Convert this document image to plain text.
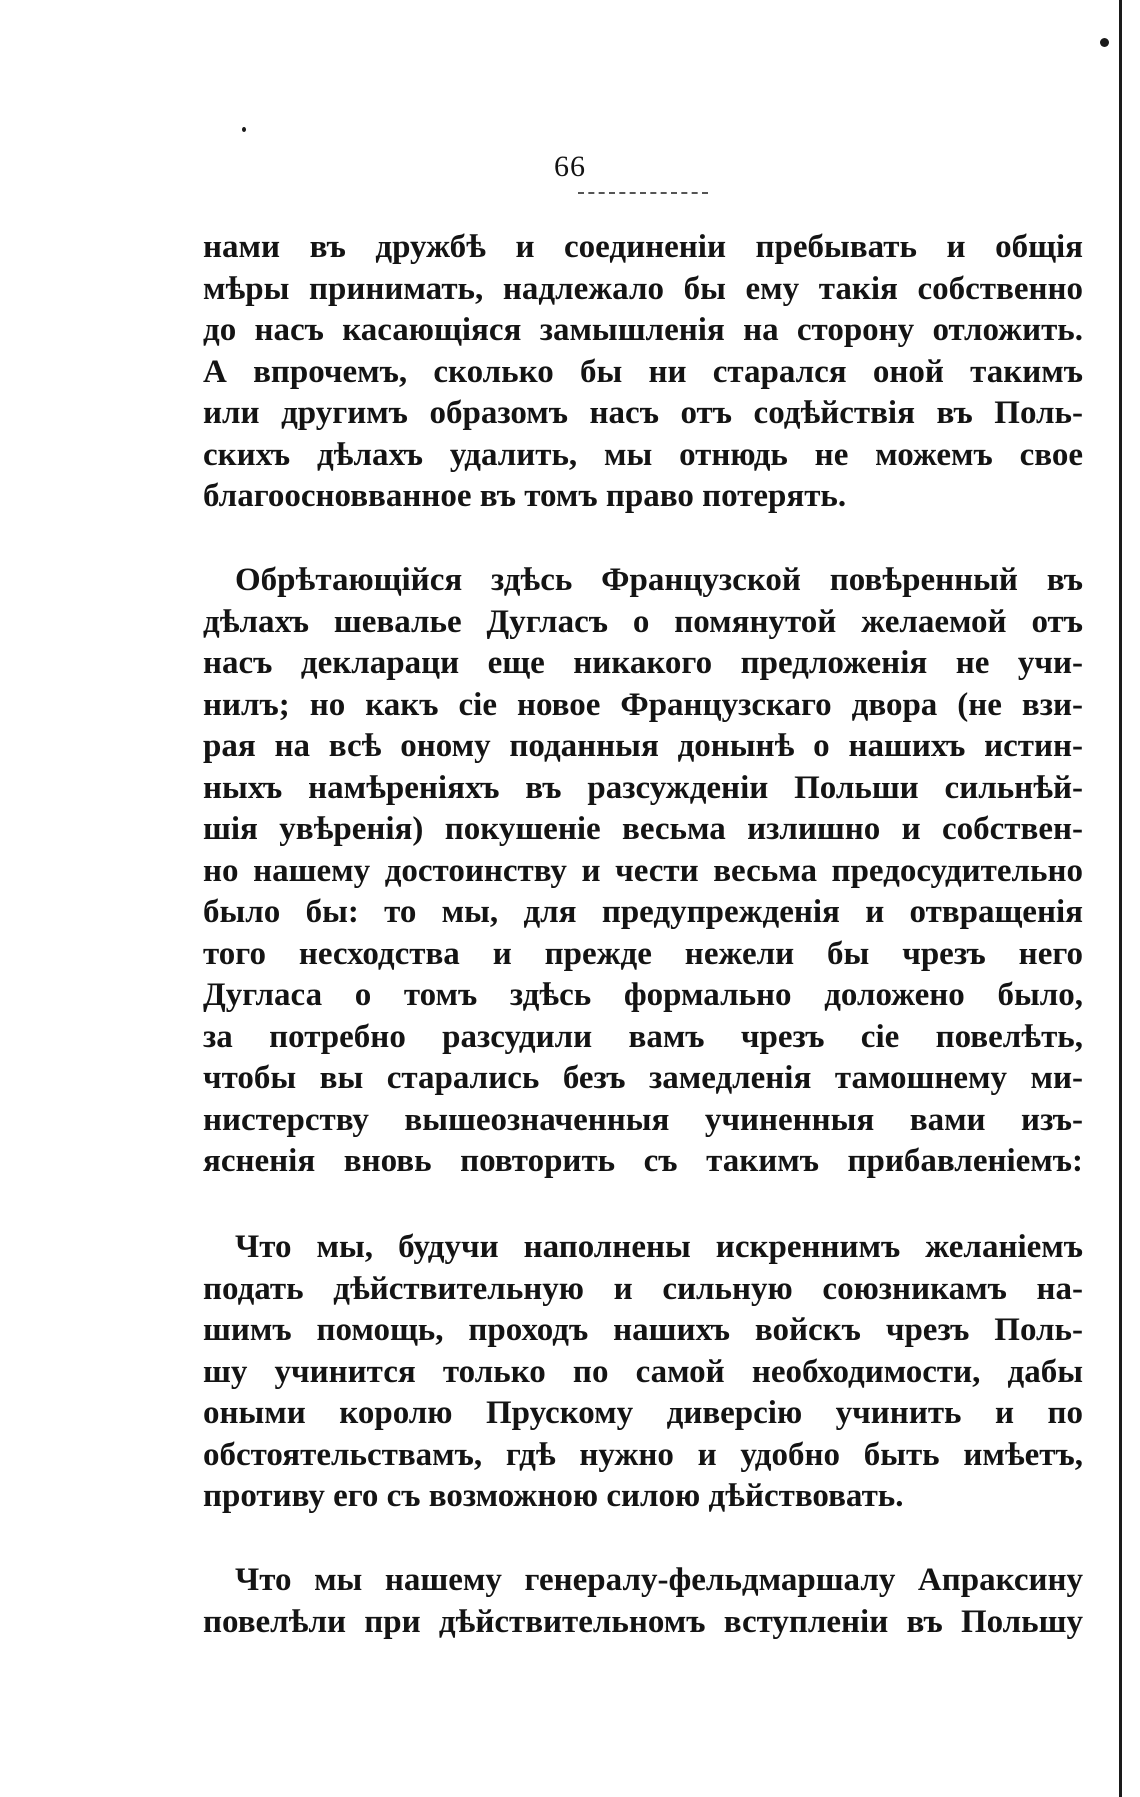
66
нами въ дружбѣ и соединеніи пребывать и общія
мѣры принимать, надлежало бы ему такія собственно
до насъ касающіяся замышленія на сторону отложить.
А впрочемъ, сколько бы ни старался оной такимъ
или другимъ образомъ насъ отъ содѣйствія въ Поль-
скихъ дѣлахъ удалить, мы отнюдь не можемъ свое
благоосновванное въ томъ право потерять.
Обрѣтающійся здѣсь Французской повѣренный въ
дѣлахъ шевалье Дугласъ о помянутой желаемой отъ
насъ деклараци еще никакого предложенія не учи-
нилъ; но какъ сіе новое Французскаго двора (не взи-
рая на всѣ оному поданныя донынѣ о нашихъ истин-
ныхъ намѣреніяхъ въ разсужденіи Польши сильнѣй-
шія увѣренія) покушеніе весьма излишно и собствен-
но нашему достоинству и чести весьма предосудительно
было бы: то мы, для предупрежденія и отвращенія
того несходства и прежде нежели бы чрезъ него
Дугласа о томъ здѣсь формально доложено было,
за потребно разсудили вамъ чрезъ сіе повелѣть,
чтобы вы старались безъ замедленія тамошнему ми-
нистерству вышеозначенныя учиненныя вами изъ-
ясненія вновь повторить съ такимъ прибавленіемъ:
Что мы, будучи наполнены искреннимъ желаніемъ
подать дѣйствительную и сильную союзникамъ на-
шимъ помощь, проходъ нашихъ войскъ чрезъ Поль-
шу учинится только по самой необходимости, дабы
оными королю Прускому диверсію учинить и по
обстоятельствамъ, гдѣ нужно и удобно быть имѣетъ,
противу его съ возможною силою дѣйствовать.
Что мы нашему генералу-фельдмаршалу Апраксину
повелѣли при дѣйствительномъ вступленіи въ Польшу
